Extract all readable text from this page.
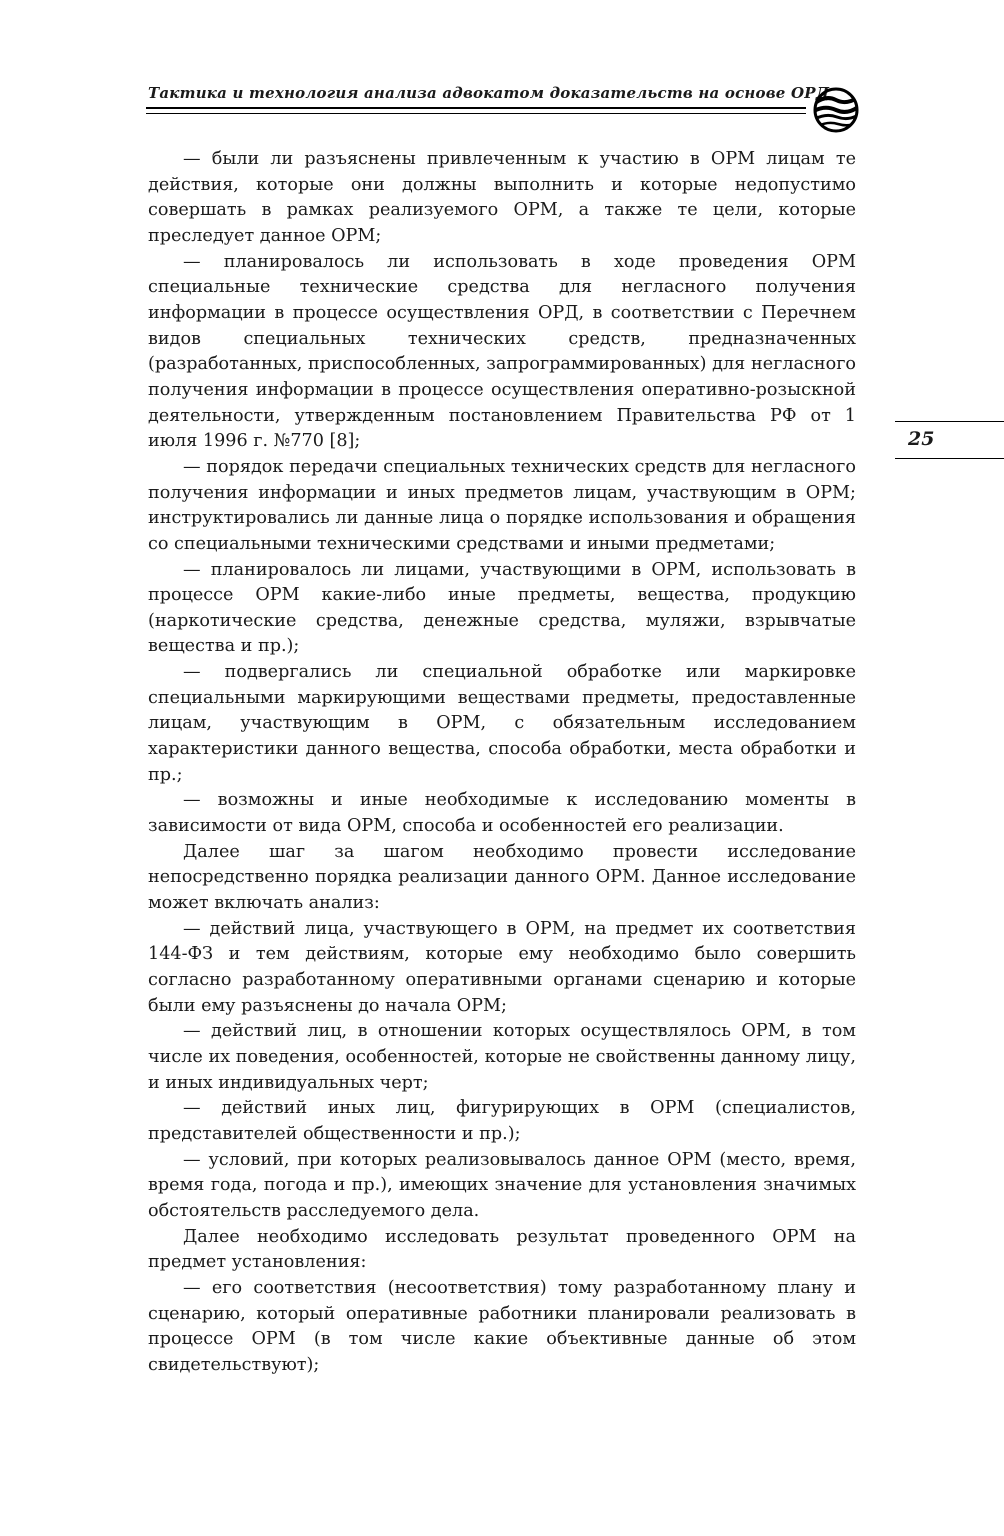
Тактика и технология анализа адвокатом доказательств на основе ОРД
25

— были ли разъяснены привлеченным к участию в ОРМ лицам те действия, которые они должны выполнить и которые недопустимо совершать в рамках реализуемого ОРМ, а также те цели, которые преследует данное ОРМ;

— планировалось ли использовать в ходе проведения ОРМ специальные технические средства для негласного получения информации в процессе осуществления ОРД, в соответствии с Перечнем видов специальных технических средств, предназначенных (разработанных, приспособленных, запрограммированных) для негласного получения информации в процессе осуществления оперативно-розыскной деятельности, утвержденным постановлением Правительства РФ от 1 июля 1996 г. №770 [8];

— порядок передачи специальных технических средств для негласного получения информации и иных предметов лицам, участвующим в ОРМ; инструктировались ли данные лица о порядке использования и обращения со специальными техническими средствами и иными предметами;

— планировалось ли лицами, участвующими в ОРМ, использовать в процессе ОРМ какие-либо иные предметы, вещества, продукцию (наркотические средства, денежные средства, муляжи, взрывчатые вещества и пр.);

— подвергались ли специальной обработке или маркировке специальными маркирующими веществами предметы, предоставленные лицам, участвующим в ОРМ, с обязательным исследованием характеристики данного вещества, способа обработки, места обработки и пр.;

— возможны и иные необходимые к исследованию моменты в зависимости от вида ОРМ, способа и особенностей его реализации.

Далее шаг за шагом необходимо провести исследование непосредственно порядка реализации данного ОРМ. Данное исследование может включать анализ:

— действий лица, участвующего в ОРМ, на предмет их соответствия 144-ФЗ и тем действиям, которые ему необходимо было совершить согласно разработанному оперативными органами сценарию и которые были ему разъяснены до начала ОРМ;

— действий лиц, в отношении которых осуществлялось ОРМ, в том числе их поведения, особенностей, которые не свойственны данному лицу, и иных индивидуальных черт;

— действий иных лиц, фигурирующих в ОРМ (специалистов, представителей общественности и пр.);

— условий, при которых реализовывалось данное ОРМ (место, время, время года, погода и пр.), имеющих значение для установления значимых обстоятельств расследуемого дела.

Далее необходимо исследовать результат проведенного ОРМ на предмет установления:

— его соответствия (несоответствия) тому разработанному плану и сценарию, который оперативные работники планировали реализовать в процессе ОРМ (в том числе какие объективные данные об этом свидетельствуют);
